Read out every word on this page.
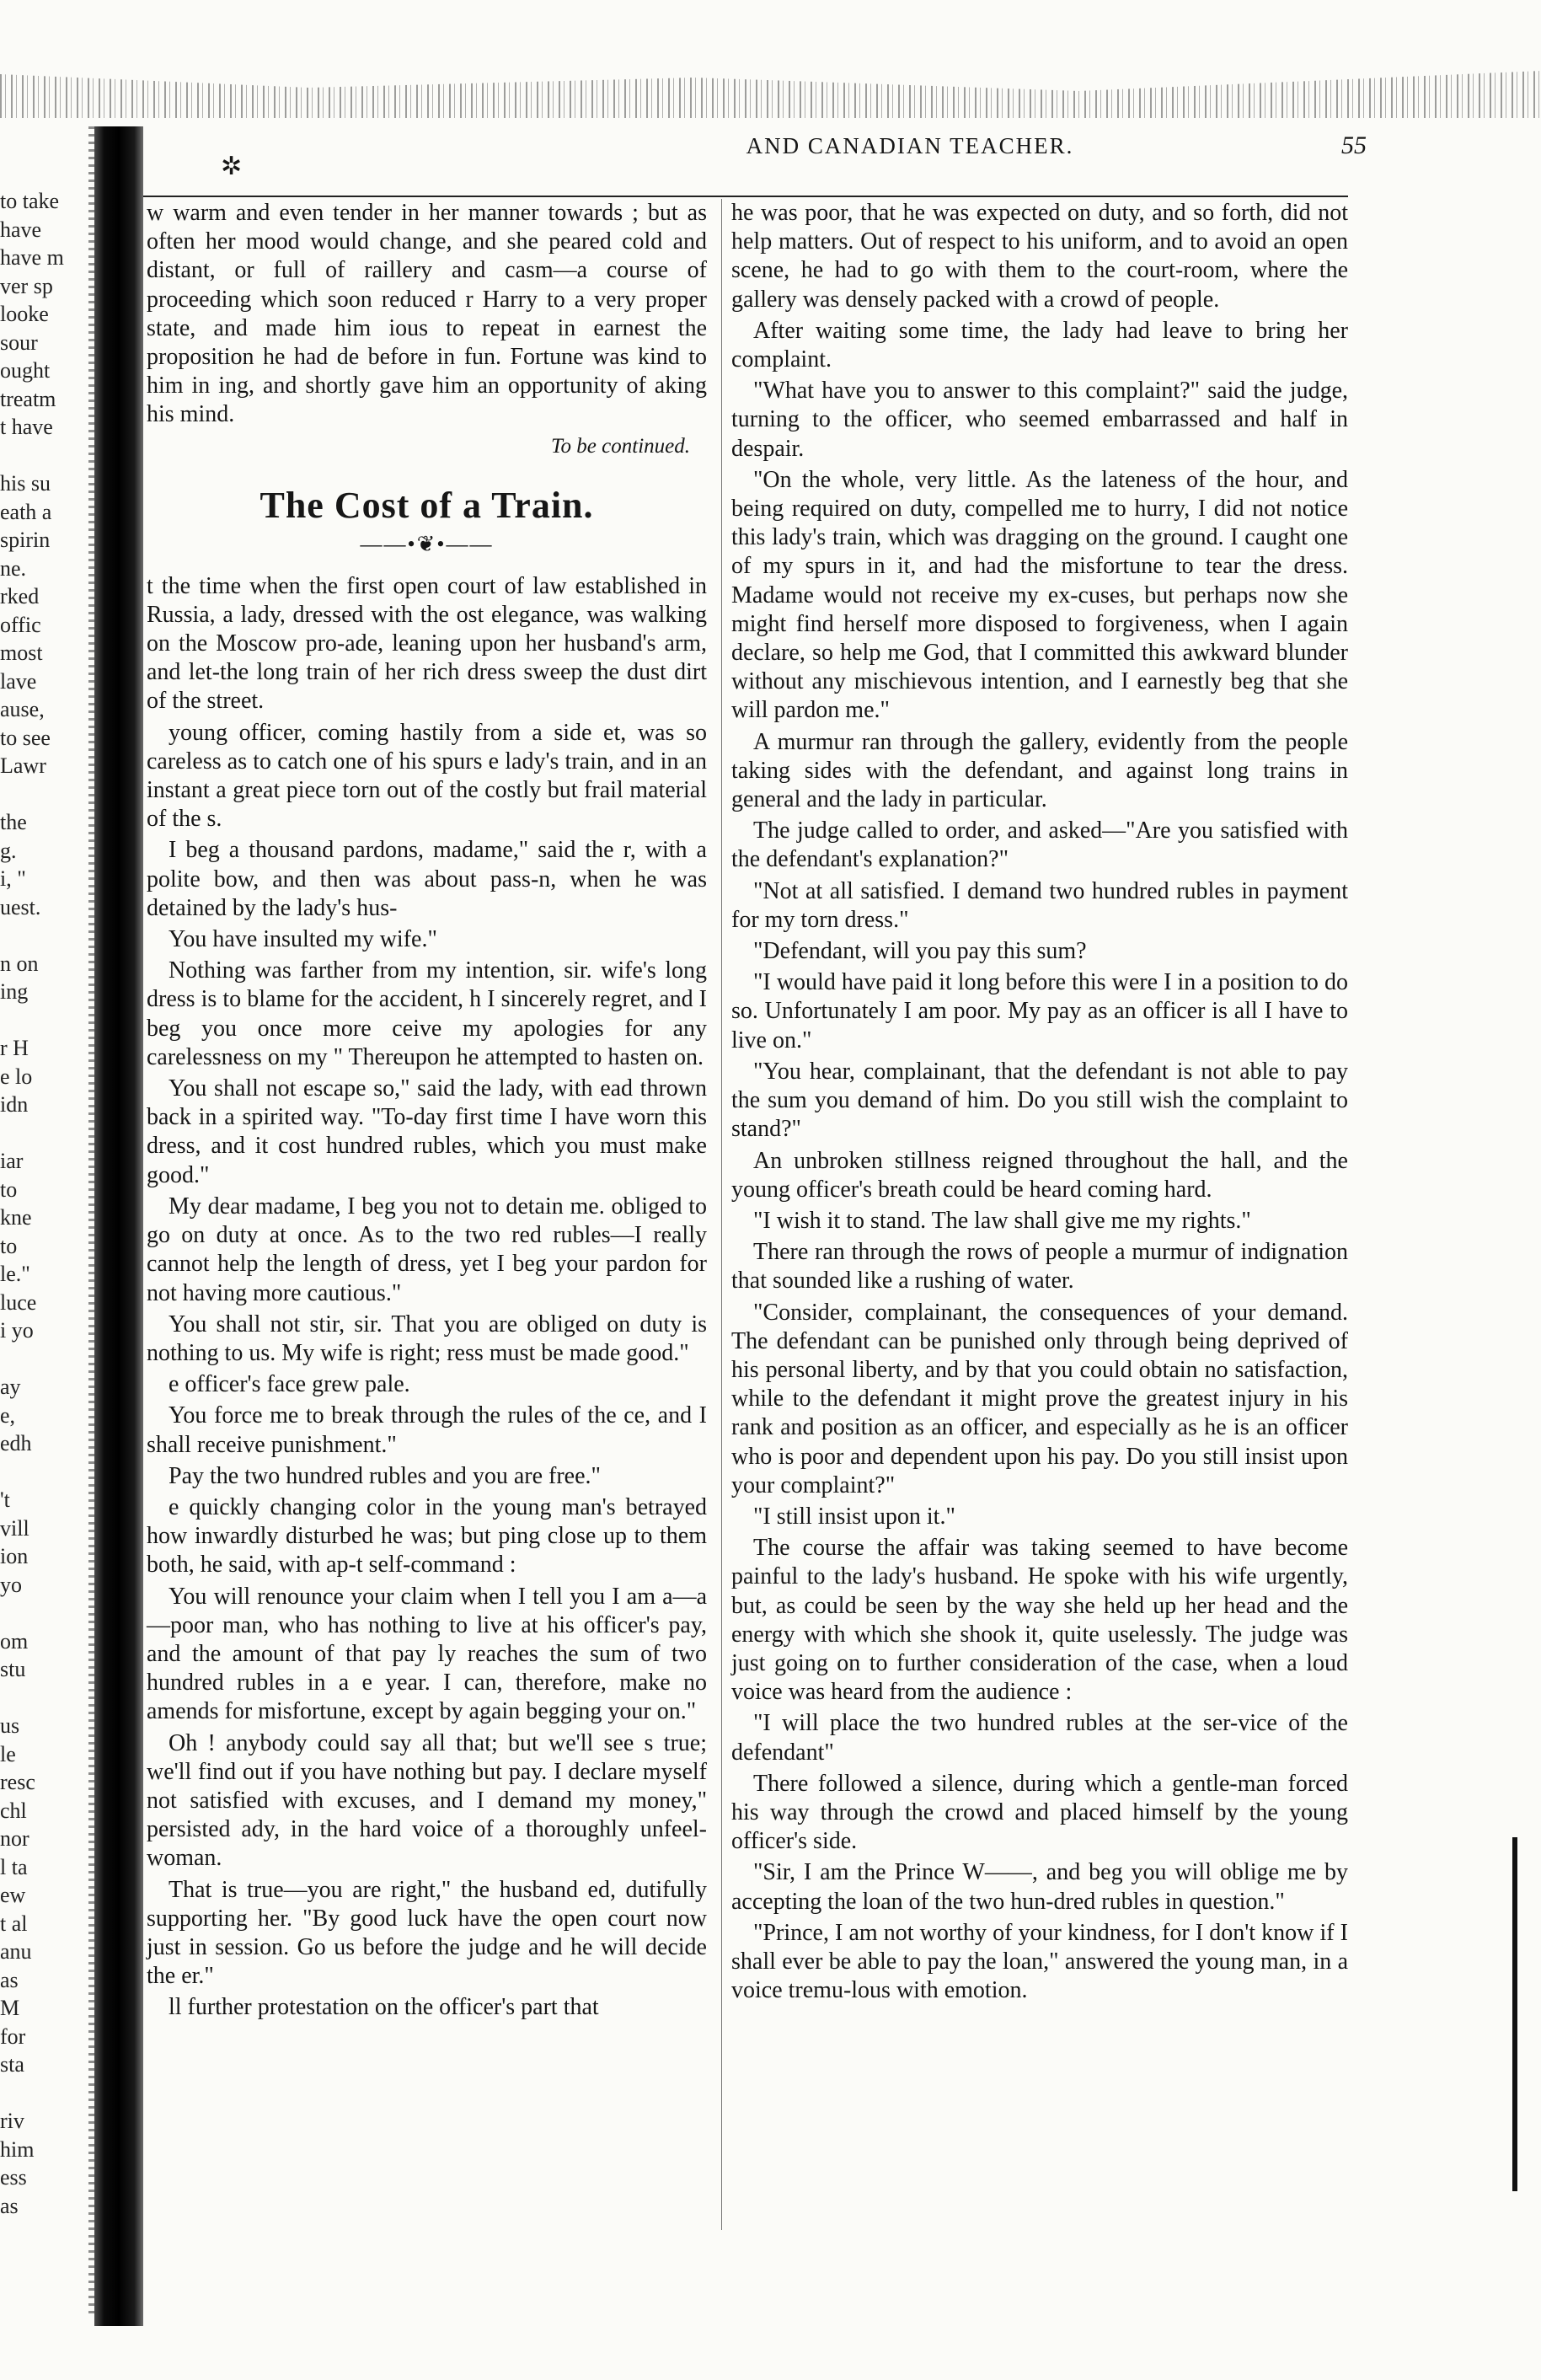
✲
AND CANADIAN TEACHER.	55
to take
have
have m
ver sp
looke
sour
ought
treatm
t have
his su
eath a
spirin
ne.
rked
offic
most
lave
ause,
to see
Lawr
the
g.
i, "
uest.
n on
ing
r H
e lo
idn
iar
to
kne
to
le."
luce
i yo
ay
e,
edh
't
vill
ion
yo
om
stu
us
le
resc
chl
nor
l ta
ew
t al
anu
as
M
for
sta
riv
him
ess
as

w warm and even tender in her manner towards ; but as often her mood would change, and she peared cold and distant, or full of raillery and casm—a course of proceeding which soon reduced r Harry to a very proper state, and made him ious to repeat in earnest the proposition he had de before in fun. Fortune was kind to him in ing, and shortly gave him an opportunity of aking his mind.

To be continued.
The Cost of a Train.
——•❦•——

t the time when the first open court of law established in Russia, a lady, dressed with the ost elegance, was walking on the Moscow pro-ade, leaning upon her husband's arm, and let-the long train of her rich dress sweep the dust dirt of the street.

young officer, coming hastily from a side et, was so careless as to catch one of his spurs e lady's train, and in an instant a great piece torn out of the costly but frail material of the s.

I beg a thousand pardons, madame," said the r, with a polite bow, and then was about pass-n, when he was detained by the lady's hus-

You have insulted my wife."

Nothing was farther from my intention, sir. wife's long dress is to blame for the accident, h I sincerely regret, and I beg you once more ceive my apologies for any carelessness on my " Thereupon he attempted to hasten on.

You shall not escape so," said the lady, with ead thrown back in a spirited way. "To-day first time I have worn this dress, and it cost hundred rubles, which you must make good."

My dear madame, I beg you not to detain me. obliged to go on duty at once. As to the two red rubles—I really cannot help the length of dress, yet I beg your pardon for not having more cautious."

You shall not stir, sir. That you are obliged on duty is nothing to us. My wife is right; ress must be made good."

e officer's face grew pale.

You force me to break through the rules of the ce, and I shall receive punishment."

Pay the two hundred rubles and you are free."

e quickly changing color in the young man's betrayed how inwardly disturbed he was; but ping close up to them both, he said, with ap-t self-command :

You will renounce your claim when I tell you I am a—a—poor man, who has nothing to live at his officer's pay, and the amount of that pay ly reaches the sum of two hundred rubles in a e year. I can, therefore, make no amends for misfortune, except by again begging your on."

Oh ! anybody could say all that; but we'll see s true; we'll find out if you have nothing but pay. I declare myself not satisfied with excuses, and I demand my money," persisted ady, in the hard voice of a thoroughly unfeel-woman.

That is true—you are right," the husband ed, dutifully supporting her. "By good luck have the open court now just in session. Go us before the judge and he will decide the er."

ll further protestation on the officer's part that

he was poor, that he was expected on duty, and so forth, did not help matters. Out of respect to his uniform, and to avoid an open scene, he had to go with them to the court-room, where the gallery was densely packed with a crowd of people.

After waiting some time, the lady had leave to bring her complaint.

"What have you to answer to this complaint?" said the judge, turning to the officer, who seemed embarrassed and half in despair.

"On the whole, very little. As the lateness of the hour, and being required on duty, compelled me to hurry, I did not notice this lady's train, which was dragging on the ground. I caught one of my spurs in it, and had the misfortune to tear the dress. Madame would not receive my ex-cuses, but perhaps now she might find herself more disposed to forgiveness, when I again declare, so help me God, that I committed this awkward blunder without any mischievous intention, and I earnestly beg that she will pardon me."

A murmur ran through the gallery, evidently from the people taking sides with the defendant, and against long trains in general and the lady in particular.

The judge called to order, and asked—"Are you satisfied with the defendant's explanation?"

"Not at all satisfied. I demand two hundred rubles in payment for my torn dress."

"Defendant, will you pay this sum?

"I would have paid it long before this were I in a position to do so. Unfortunately I am poor. My pay as an officer is all I have to live on."

"You hear, complainant, that the defendant is not able to pay the sum you demand of him. Do you still wish the complaint to stand?"

An unbroken stillness reigned throughout the hall, and the young officer's breath could be heard coming hard.

"I wish it to stand. The law shall give me my rights."

There ran through the rows of people a murmur of indignation that sounded like a rushing of water.

"Consider, complainant, the consequences of your demand. The defendant can be punished only through being deprived of his personal liberty, and by that you could obtain no satisfaction, while to the defendant it might prove the greatest injury in his rank and position as an officer, and especially as he is an officer who is poor and dependent upon his pay. Do you still insist upon your complaint?"

"I still insist upon it."

The course the affair was taking seemed to have become painful to the lady's husband. He spoke with his wife urgently, but, as could be seen by the way she held up her head and the energy with which she shook it, quite uselessly. The judge was just going on to further consideration of the case, when a loud voice was heard from the audience :

"I will place the two hundred rubles at the ser-vice of the defendant"

There followed a silence, during which a gentle-man forced his way through the crowd and placed himself by the young officer's side.

"Sir, I am the Prince W——, and beg you will oblige me by accepting the loan of the two hun-dred rubles in question."

"Prince, I am not worthy of your kindness, for I don't know if I shall ever be able to pay the loan," answered the young man, in a voice tremu-lous with emotion.
